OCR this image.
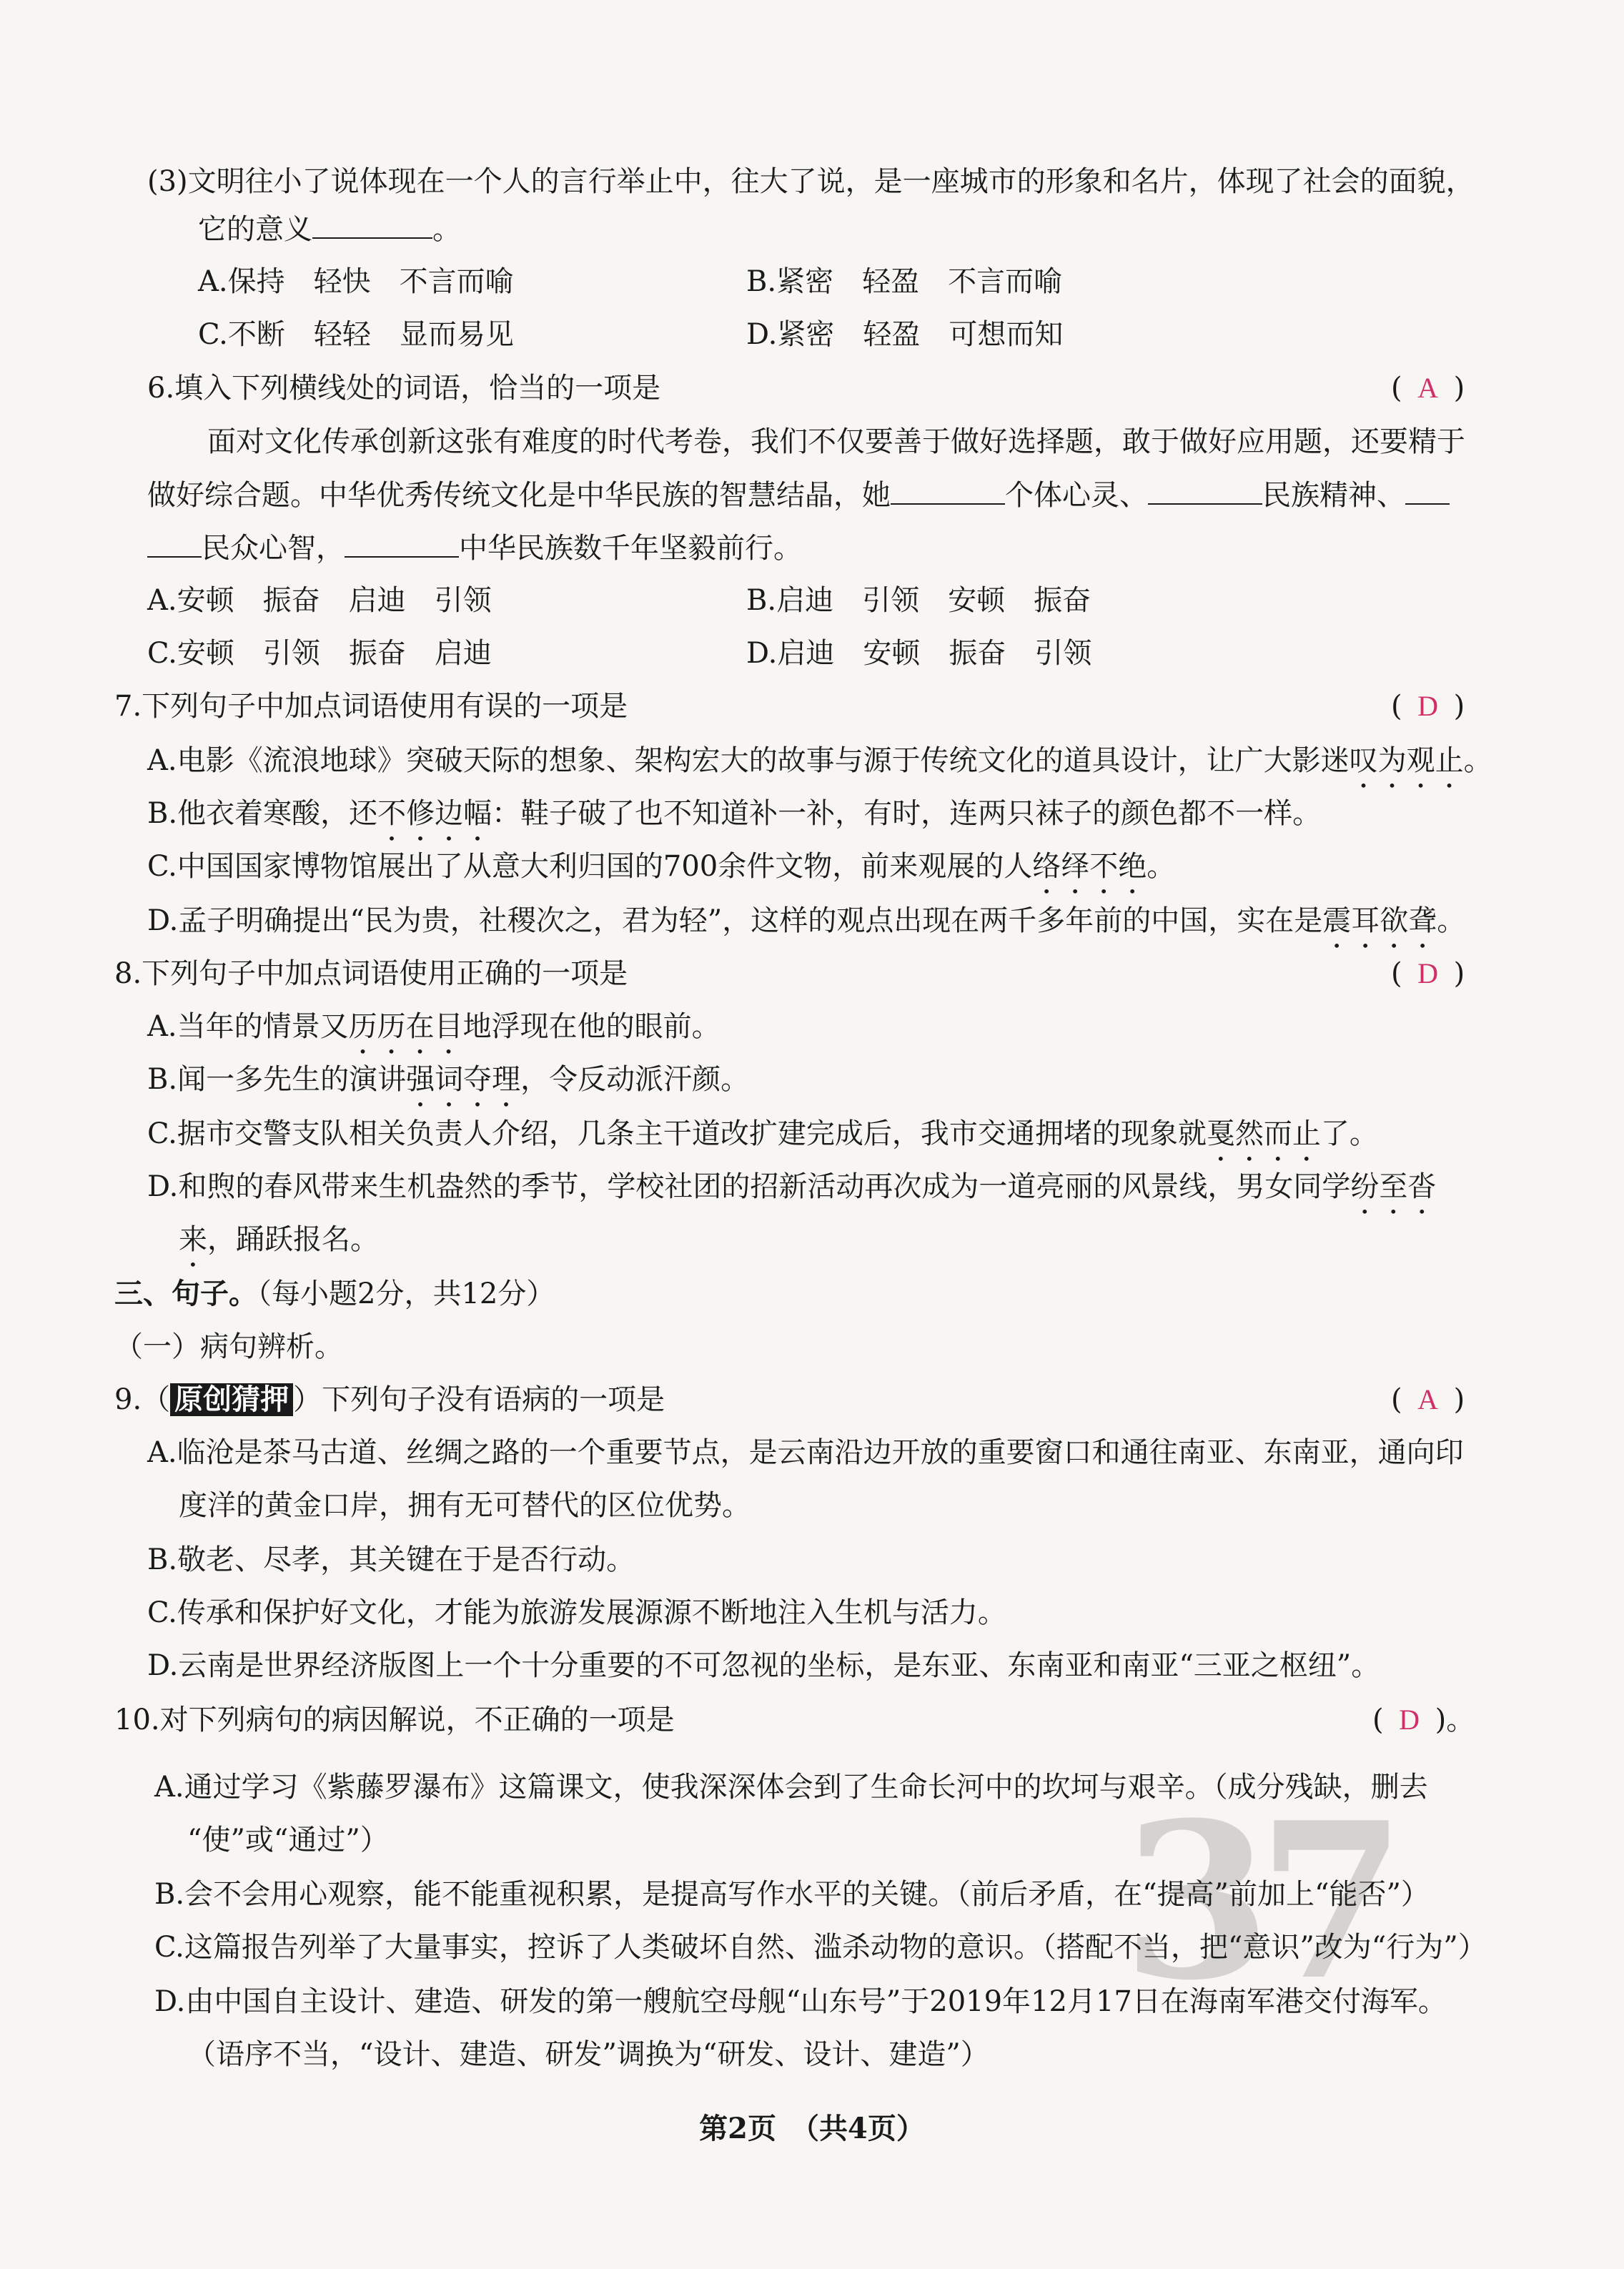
(3)文明往小了说体现在一个人的言行举止中，往大了说，是一座城市的形象和名片，体现了社会的面貌，
它的意义	。
A.保持　轻快　不言而喻	B.紧密　轻盈　不言而喻
C.不断　轻轻　显而易见	D.紧密　轻盈　可想而知
6.填入下列横线处的词语，恰当的一项是	( A )
面对文化传承创新这张有难度的时代考卷，我们不仅要善于做好选择题，敢于做好应用题，还要精于
做好综合题。中华优秀传统文化是中华民族的智慧结晶，她	个体心灵、	民族精神、
民众心智，	中华民族数千年坚毅前行。
A.安顿　振奋　启迪　引领	B.启迪　引领　安顿　振奋
C.安顿　引领　振奋　启迪	D.启迪　安顿　振奋　引领
7.下列句子中加点词语使用有误的一项是	( D )
A.电影《流浪地球》突破天际的想象、架构宏大的故事与源于传统文化的道具设计，让广大影迷叹为观止。
B.他衣着寒酸，还不修边幅：鞋子破了也不知道补一补，有时，连两只袜子的颜色都不一样。
C.中国国家博物馆展出了从意大利归国的700余件文物，前来观展的人络绎不绝。
D.孟子明确提出“民为贵，社稷次之，君为轻”，这样的观点出现在两千多年前的中国，实在是震耳欲聋。
8.下列句子中加点词语使用正确的一项是	( D )
A.当年的情景又历历在目地浮现在他的眼前。
B.闻一多先生的演讲强词夺理，令反动派汗颜。
C.据市交警支队相关负责人介绍，几条主干道改扩建完成后，我市交通拥堵的现象就戛然而止了。
D.和煦的春风带来生机盎然的季节，学校社团的招新活动再次成为一道亮丽的风景线，男女同学纷至沓
来，踊跃报名。
三、句子。（每小题2分，共12分）
（一）病句辨析。
9.（ 原创猜押 ）下列句子没有语病的一项是	( A )
A.临沧是茶马古道、丝绸之路的一个重要节点，是云南沿边开放的重要窗口和通往南亚、东南亚，通向印
度洋的黄金口岸，拥有无可替代的区位优势。
B.敬老、尽孝，其关键在于是否行动。
C.传承和保护好文化，才能为旅游发展源源不断地注入生机与活力。
D.云南是世界经济版图上一个十分重要的不可忽视的坐标，是东亚、东南亚和南亚“三亚之枢纽”。
10.对下列病句的病因解说，不正确的一项是	( D )。
37
A.通过学习《紫藤罗瀑布》这篇课文，使我深深体会到了生命长河中的坎坷与艰辛。（成分残缺，删去
“使”或“通过”）
B.会不会用心观察，能不能重视积累，是提高写作水平的关键。（前后矛盾，在“提高”前加上“能否”）
C.这篇报告列举了大量事实，控诉了人类破坏自然、滥杀动物的意识。（搭配不当，把“意识”改为“行为”）
D.由中国自主设计、建造、研发的第一艘航空母舰“山东号”于2019年12月17日在海南军港交付海军。
（语序不当，“设计、建造、研发”调换为“研发、设计、建造”）
第2页　（共4页）
